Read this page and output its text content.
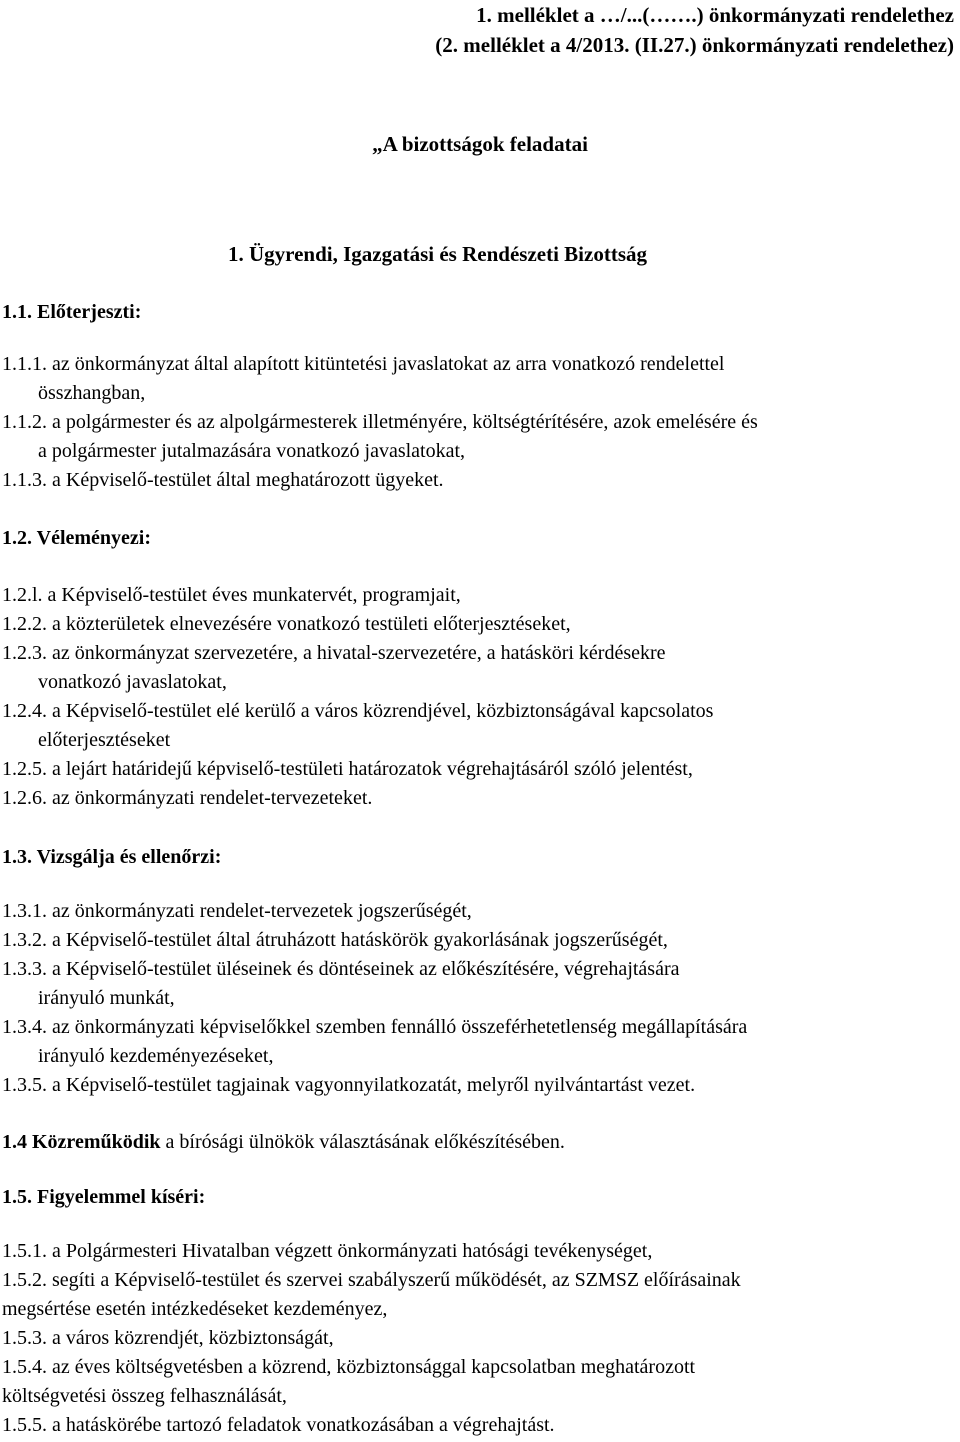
1. melléklet a …/...(…….) önkormányzati rendelethez
(2. melléklet a 4/2013. (II.27.) önkormányzati rendelethez)
„A bizottságok feladatai
1. Ügyrendi, Igazgatási és Rendészeti Bizottság
1.1. Előterjeszti:
1.1.1. az önkormányzat által alapított kitüntetési javaslatokat az arra vonatkozó rendelettel
összhangban,
1.1.2. a polgármester és az alpolgármesterek illetményére, költségtérítésére, azok emelésére és
a polgármester jutalmazására vonatkozó javaslatokat,
1.1.3. a Képviselő-testület által meghatározott ügyeket.
1.2. Véleményezi:
1.2.l. a Képviselő-testület éves munkatervét, programjait,
1.2.2. a közterületek elnevezésére vonatkozó testületi előterjesztéseket,
1.2.3. az önkormányzat szervezetére, a hivatal-szervezetére, a hatásköri kérdésekre
vonatkozó javaslatokat,
1.2.4. a Képviselő-testület elé kerülő a város közrendjével, közbiztonságával kapcsolatos
előterjesztéseket
1.2.5. a lejárt határidejű képviselő-testületi határozatok végrehajtásáról szóló jelentést,
1.2.6. az önkormányzati rendelet-tervezeteket.
1.3. Vizsgálja és ellenőrzi:
1.3.1. az önkormányzati rendelet-tervezetek jogszerűségét,
1.3.2. a Képviselő-testület által átruházott hatáskörök gyakorlásának jogszerűségét,
1.3.3. a Képviselő-testület üléseinek és döntéseinek az előkészítésére, végrehajtására
irányuló munkát,
1.3.4. az önkormányzati képviselőkkel szemben fennálló összeférhetetlenség megállapítására
irányuló kezdeményezéseket,
1.3.5. a Képviselő-testület tagjainak vagyonnyilatkozatát, melyről nyilvántartást vezet.
1.4 Közreműködik a bírósági ülnökök választásának előkészítésében.
1.5. Figyelemmel kíséri:
1.5.1. a Polgármesteri Hivatalban végzett önkormányzati hatósági tevékenységet,
1.5.2. segíti a Képviselő-testület és szervei szabályszerű működését, az SZMSZ előírásainak
megsértése esetén intézkedéseket kezdeményez,
1.5.3. a város közrendjét, közbiztonságát,
1.5.4. az éves költségvetésben a közrend, közbiztonsággal kapcsolatban meghatározott
költségvetési összeg felhasználását,
1.5.5. a hatáskörébe tartozó feladatok vonatkozásában a végrehajtást.
